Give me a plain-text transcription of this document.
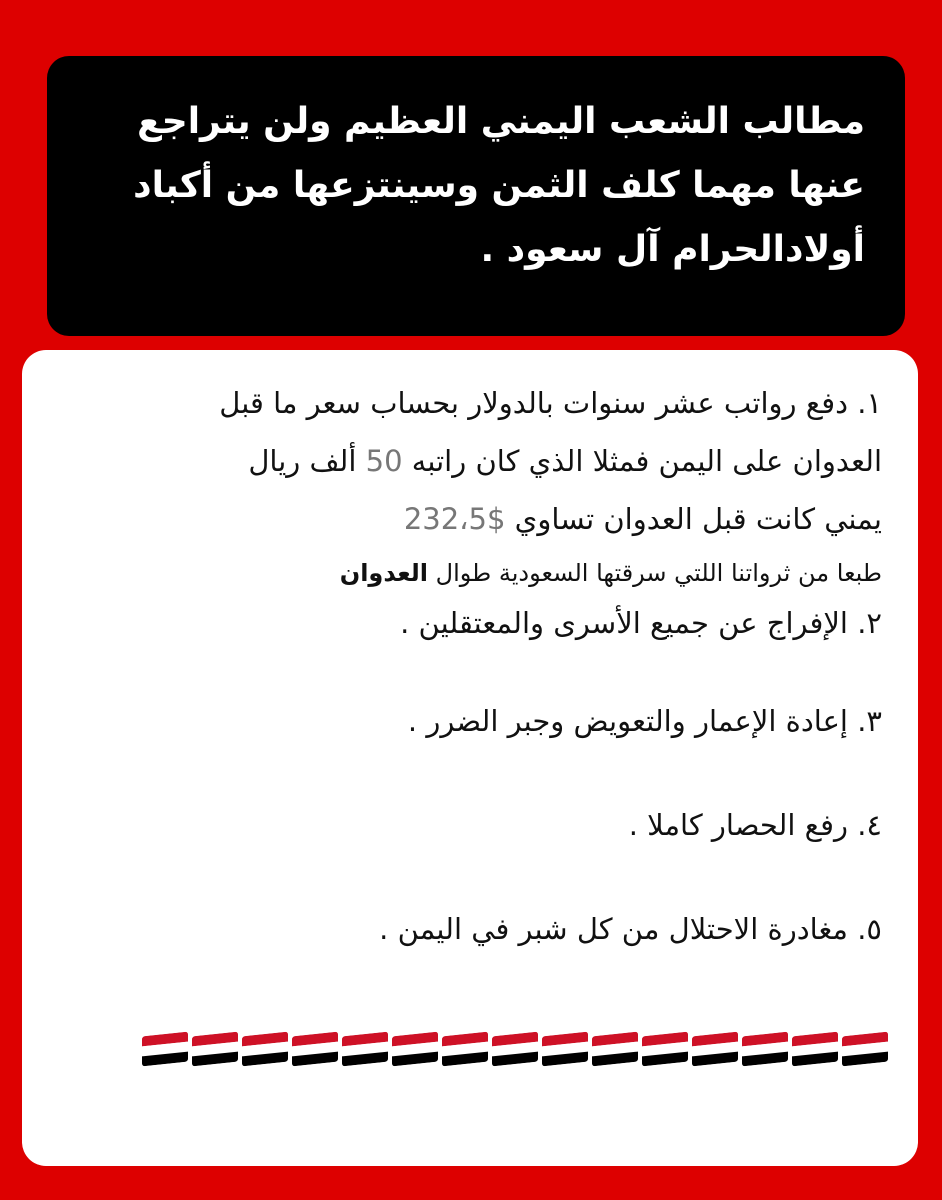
مطالب الشعب اليمني العظيم ولن يتراجع

عنها مهما كلف الثمن وسينتزعها من أكباد

أولادالحرام آل سعود .

١. دفع رواتب عشر سنوات بالدولار بحساب سعر ما قبل

العدوان على اليمن فمثلا الذي كان راتبه 50 ألف ريال

يمني كانت قبل العدوان تساوي 232،5$

طبعا من ثرواتنا اللتي سرقتها السعودية طوال العدوان

٢. الإفراج عن جميع الأسرى والمعتقلين .

٣. إعادة الإعمار والتعويض وجبر الضرر .

٤. رفع الحصار كاملا .

٥. مغادرة الاحتلال من كل شبر في اليمن .
